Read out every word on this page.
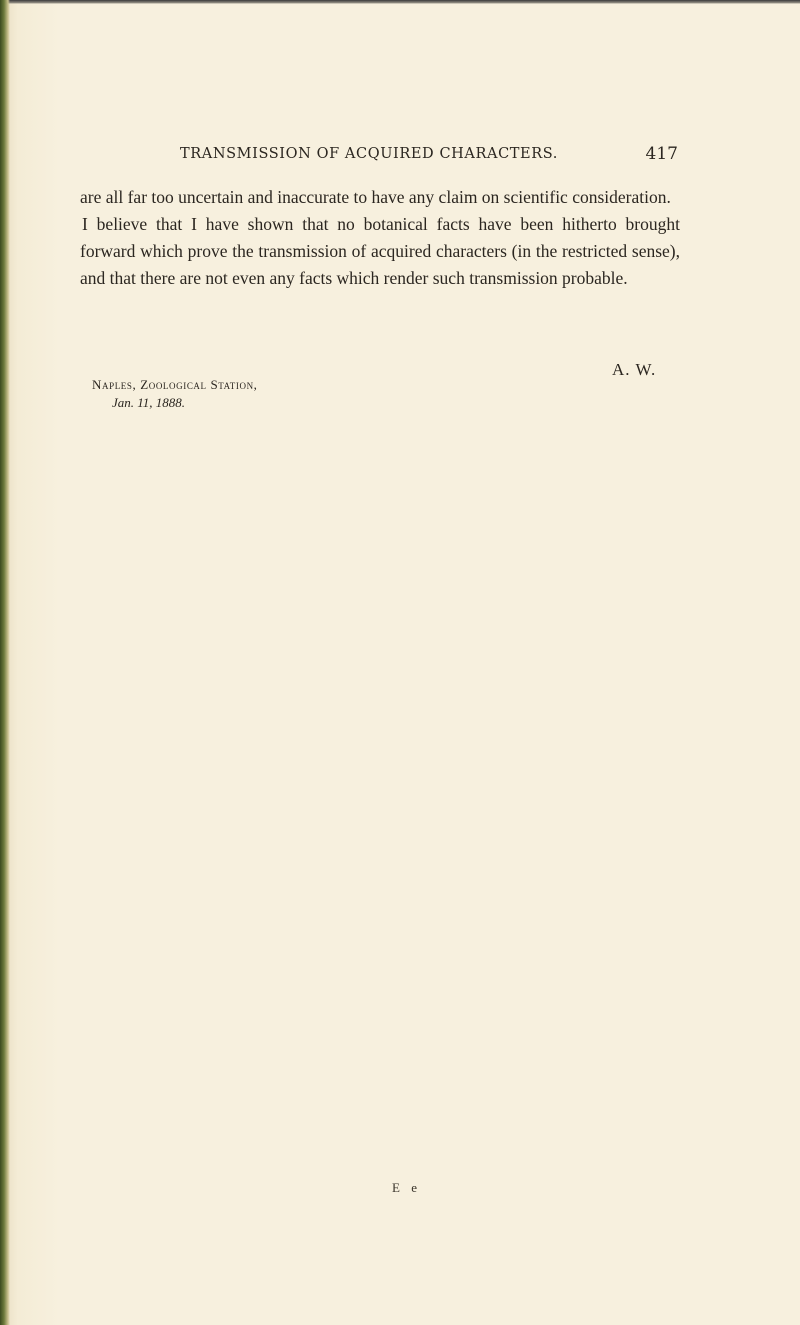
TRANSMISSION OF ACQUIRED CHARACTERS.	417

are all far too uncertain and inaccurate to have any claim on scientific consideration.

I believe that I have shown that no botanical facts have been hitherto brought forward which prove the transmission of acquired characters (in the restricted sense), and that there are not even any facts which render such transmission probable.

A. W.
Naples, Zoological Station,
Jan. 11, 1888.
E e
